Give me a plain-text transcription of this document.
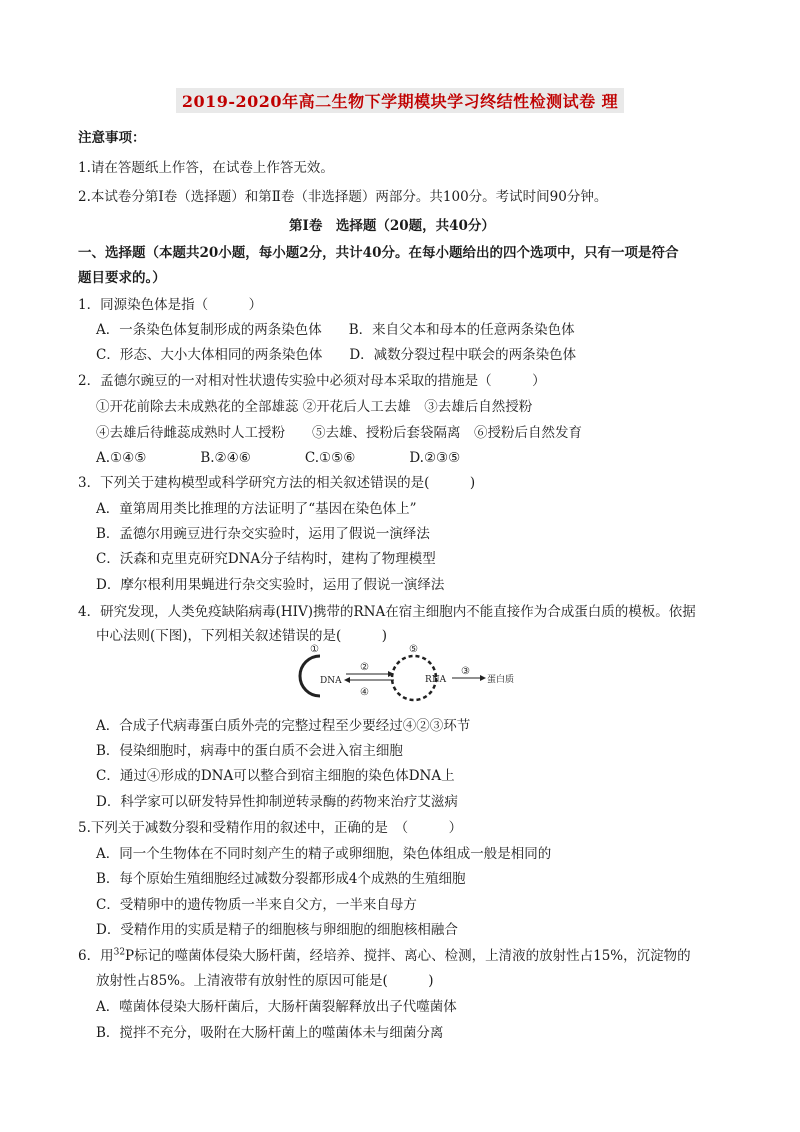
2019-2020年高二生物下学期模块学习终结性检测试卷 理
注意事项：
1.请在答题纸上作答，在试卷上作答无效。
2.本试卷分第Ⅰ卷（选择题）和第Ⅱ卷（非选择题）两部分。共100分。考试时间90分钟。
第Ⅰ卷　选择题（20题，共40分）
一、选择题（本题共20小题，每小题2分，共计40分。在每小题给出的四个选项中，只有一项是符合
题目要求的。）
1．同源染色体是指（　　　）
A．一条染色体复制形成的两条染色体　　B．来自父本和母本的任意两条染色体
C．形态、大小大体相同的两条染色体　　D．减数分裂过程中联会的两条染色体
2．孟德尔豌豆的一对相对性状遗传实验中必须对母本采取的措施是（　　　）
①开花前除去未成熟花的全部雄蕊 ②开花后人工去雄　③去雄后自然授粉
④去雄后待雌蕊成熟时人工授粉　　⑤去雄、授粉后套袋隔离　⑥授粉后自然发育
A.①④⑤　　　　B.②④⑥　　　　C.①⑤⑥　　　　D.②③⑤
3．下列关于建构模型或科学研究方法的相关叙述错误的是(　　　)
A．童第周用类比推理的方法证明了“基因在染色体上”
B．孟德尔用豌豆进行杂交实验时，运用了假说一演绎法
C．沃森和克里克研究DNA分子结构时，建构了物理模型
D．摩尔根利用果蝇进行杂交实验时，运用了假说一演绎法
4．研究发现，人类免疫缺陷病毒(HIV)携带的RNA在宿主细胞内不能直接作为合成蛋白质的模板。依据
中心法则(下图)，下列相关叙述错误的是(　　　)
①
DNA
②
④
⑤
RNA
③
蛋白质
A．合成子代病毒蛋白质外壳的完整过程至少要经过④②③环节
B．侵染细胞时，病毒中的蛋白质不会进入宿主细胞
C．通过④形成的DNA可以整合到宿主细胞的染色体DNA上
D．科学家可以研发特异性抑制逆转录酶的药物来治疗艾滋病
5.下列关于减数分裂和受精作用的叙述中，正确的是　（　　　）
A．同一个生物体在不同时刻产生的精子或卵细胞，染色体组成一般是相同的
B．每个原始生殖细胞经过减数分裂都形成4个成熟的生殖细胞
C．受精卵中的遗传物质一半来自父方，一半来自母方
D．受精作用的实质是精子的细胞核与卵细胞的细胞核相融合
6．用$^{32}$P标记的噬菌体侵染大肠杆菌，经培养、搅拌、离心、检测，上清液的放射性占15%，沉淀物的
放射性占85%。上清液带有放射性的原因可能是(　　　)
A．噬菌体侵染大肠杆菌后，大肠杆菌裂解释放出子代噬菌体
B．搅拌不充分，吸附在大肠杆菌上的噬菌体未与细菌分离
